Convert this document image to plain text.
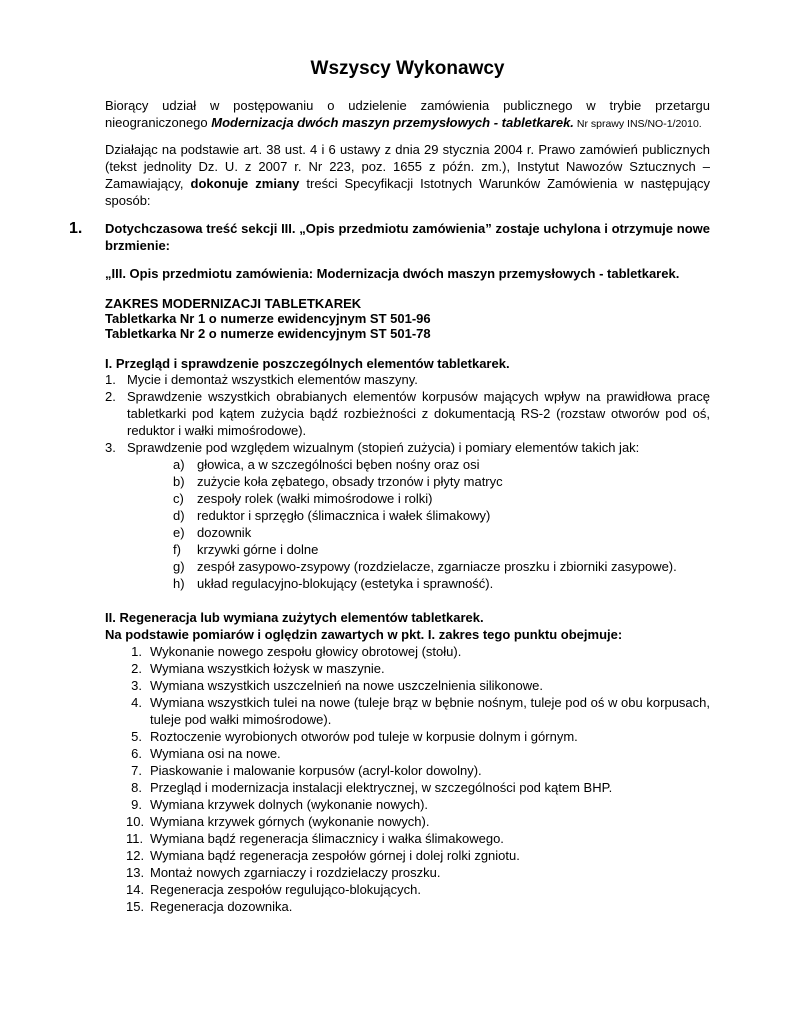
Wszyscy Wykonawcy
Biorący udział w postępowaniu o udzielenie zamówienia publicznego w trybie przetargu nieograniczonego Modernizacja dwóch maszyn przemysłowych - tabletkarek. Nr sprawy INS/NO-1/2010.
Działając na podstawie art. 38 ust. 4 i 6 ustawy z dnia 29 stycznia 2004 r. Prawo zamówień publicznych (tekst jednolity Dz. U. z 2007 r. Nr 223, poz. 1655 z późn. zm.), Instytut Nawozów Sztucznych – Zamawiający, dokonuje zmiany treści Specyfikacji Istotnych Warunków Zamówienia w następujący sposób:
1. Dotychczasowa treść sekcji III. „Opis przedmiotu zamówienia” zostaje uchylona i otrzymuje nowe brzmienie:
„III. Opis przedmiotu zamówienia: Modernizacja dwóch maszyn przemysłowych - tabletkarek.
ZAKRES MODERNIZACJI TABLETKAREK
Tabletkarka Nr 1 o numerze ewidencyjnym ST 501-96
Tabletkarka Nr 2 o numerze ewidencyjnym ST 501-78
I. Przegląd i sprawdzenie poszczególnych elementów tabletkarek.
1. Mycie i demontaż wszystkich elementów maszyny.
2. Sprawdzenie wszystkich obrabianych elementów korpusów mających wpływ na prawidłowa pracę tabletkarki pod kątem zużycia bądź rozbieżności z dokumentacją RS-2 (rozstaw otworów pod oś, reduktor i wałki mimośrodowe).
3. Sprawdzenie pod względem wizualnym (stopień zużycia) i pomiary elementów takich jak:
a) głowica, a w szczególności bęben nośny oraz osi
b) zużycie koła zębatego, obsady trzonów i płyty matryc
c) zespoły rolek (wałki mimośrodowe i rolki)
d) reduktor i sprzęgło (ślimacznica i wałek ślimakowy)
e) dozownik
f) krzywki górne i dolne
g) zespół zasypowo-zsypowy (rozdzielacze, zgarniacze proszku i zbiorniki zasypowe).
h) układ regulacyjno-blokujący (estetyka i sprawność).
II. Regeneracja lub wymiana zużytych elementów tabletkarek.
Na podstawie pomiarów i oględzin zawartych w pkt. I. zakres tego punktu obejmuje:
1. Wykonanie nowego zespołu głowicy obrotowej (stołu).
2. Wymiana wszystkich łożysk w maszynie.
3. Wymiana wszystkich uszczelnień na nowe uszczelnienia silikonowe.
4. Wymiana wszystkich tulei na nowe (tuleje brąz w bębnie nośnym, tuleje pod oś w obu korpusach, tuleje pod wałki mimośrodowe).
5. Roztoczenie wyrobionych otworów pod tuleje w korpusie dolnym i górnym.
6. Wymiana osi na nowe.
7. Piaskowanie i malowanie korpusów (acryl-kolor dowolny).
8. Przegląd i modernizacja instalacji elektrycznej, w szczególności pod kątem BHP.
9. Wymiana krzywek dolnych (wykonanie nowych).
10. Wymiana krzywek górnych (wykonanie nowych).
11. Wymiana bądź regeneracja ślimacznicy i wałka ślimakowego.
12. Wymiana bądź regeneracja zespołów górnej i dolej rolki zgniotu.
13. Montaż nowych zgarniaczy i rozdzielaczy proszku.
14. Regeneracja zespołów regulująco-blokujących.
15. Regeneracja dozownika.
